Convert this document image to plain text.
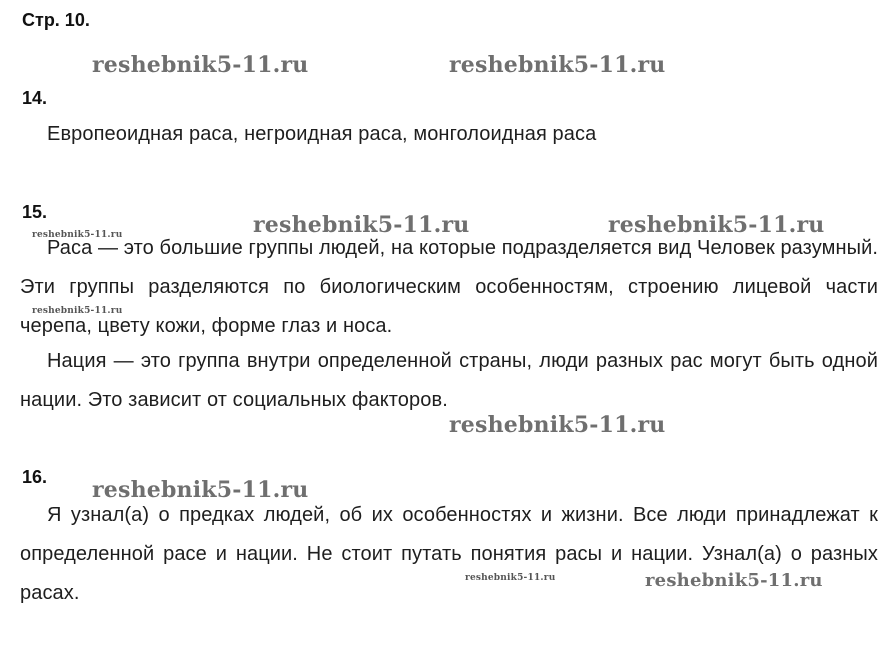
Стр. 10.
14.

Европеоидная раса, негроидная раса, монголоидная раса

15.

Раса — это большие группы людей, на которые подразделяется вид Человек разумный. Эти группы разделяются по биологическим особенностям, строению лицевой части черепа, цвету кожи, форме глаз и носа.

Нация — это группа внутри определенной страны, люди разных рас могут быть одной нации. Это зависит от социальных факторов.

16.

Я узнал(а) о предках людей, об их особенностях и жизни. Все люди принадлежат к определенной расе и нации. Не стоит путать понятия расы и нации. Узнал(а) о разных расах.

reshebnik5-11.ru	reshebnik5-11.ru
reshebnik5-11.ru	reshebnik5-11.ru	reshebnik5-11.ru
reshebnik5-11.ru
reshebnik5-11.ru
reshebnik5-11.ru
reshebnik5-11.ru	reshebnik5-11.ru
